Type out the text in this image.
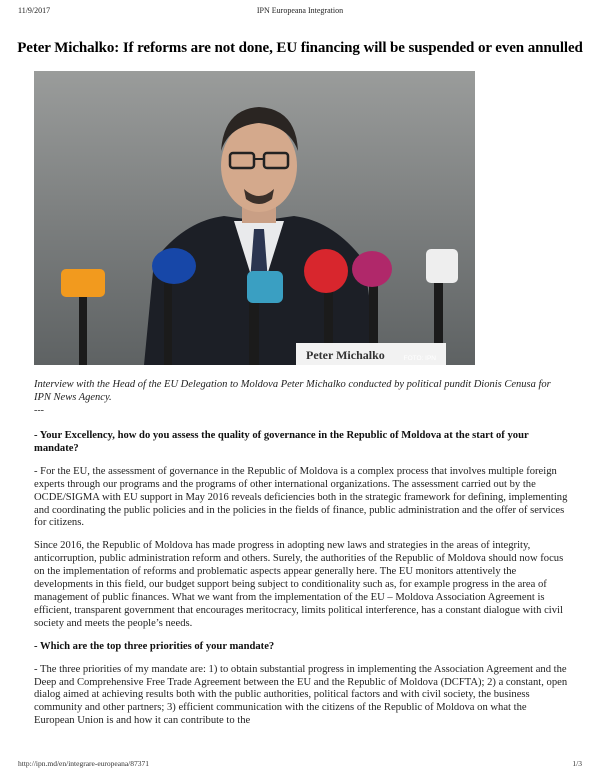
11/9/2017	IPN Europeana Integration
Peter Michalko: If reforms are not done, EU financing will be suspended or even annulled
Peter Michalko	FOTO: IPN
Interview with the Head of the EU Delegation to Moldova Peter Michalko conducted by political pundit Dionis Cenusa for IPN News Agency.
---

- Your Excellency, how do you assess the quality of governance in the Republic of Moldova at the start of your mandate?

- For the EU, the assessment of governance in the Republic of Moldova is a complex process that involves multiple foreign experts through our programs and the programs of other international organizations. The assessment carried out by the OCDE/SIGMA with EU support in May 2016 reveals deficiencies both in the strategic framework for defining, implementing and coordinating the public policies and in the policies in the fields of finance, public administration and the offer of services for citizens.

Since 2016, the Republic of Moldova has made progress in adopting new laws and strategies in the areas of integrity, anticorruption, public administration reform and others. Surely, the authorities of the Republic of Moldova should now focus on the implementation of reforms and problematic aspects appear generally here. The EU monitors attentively the developments in this field, our budget support being subject to conditionality such as, for example progress in the area of management of public finances. What we want from the implementation of the EU – Moldova Association Agreement is efficient, transparent government that encourages meritocracy, limits political interference, has a constant dialogue with civil society and meets the people’s needs.

- Which are the top three priorities of your mandate?

- The three priorities of my mandate are: 1) to obtain substantial progress in implementing the Association Agreement and the Deep and Comprehensive Free Trade Agreement between the EU and the Republic of Moldova (DCFTA); 2) a constant, open dialog aimed at achieving results both with the public authorities, political factors and with civil society, the business community and other partners; 3) efficient communication with the citizens of the Republic of Moldova on what the European Union is and how it can contribute to the

http://ipn.md/en/integrare-europeana/87371	1/3
